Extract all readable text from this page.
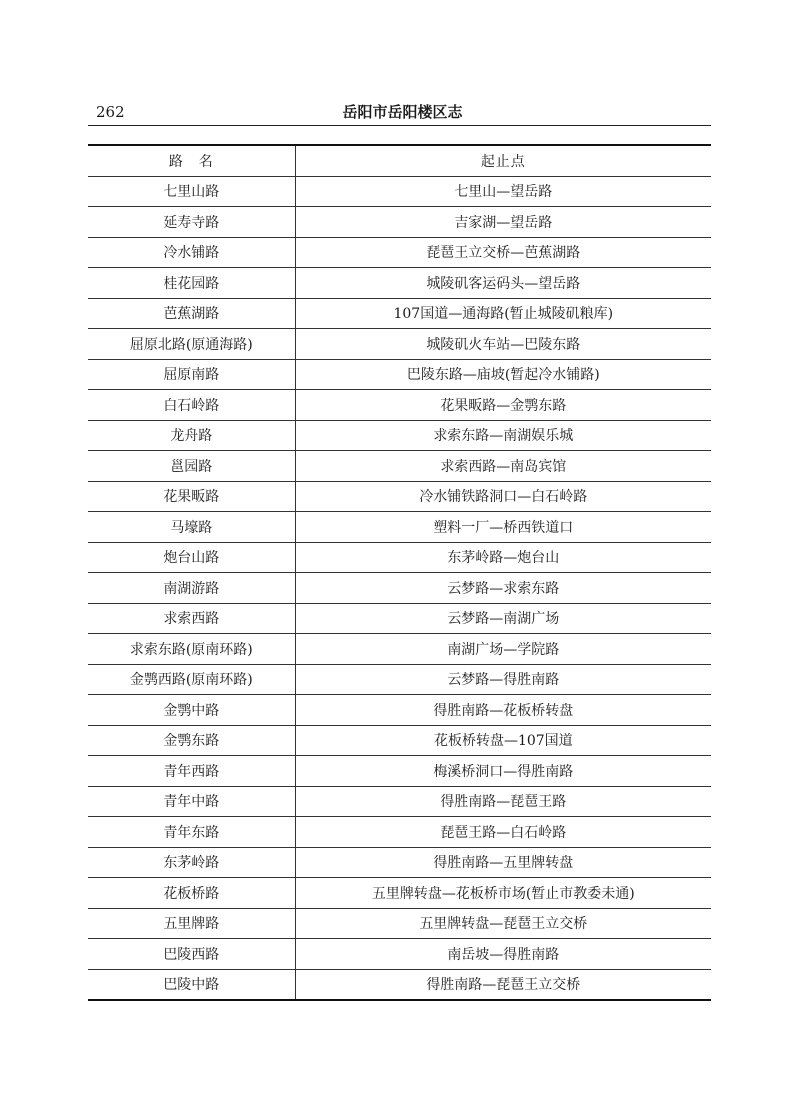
262	岳阳市岳阳楼区志
路　名	起止点
七里山路	七里山—望岳路
延寿寺路	吉家湖—望岳路
冷水铺路	琵琶王立交桥—芭蕉湖路
桂花园路	城陵矶客运码头—望岳路
芭蕉湖路	107国道—通海路(暂止城陵矶粮库)
屈原北路(原通海路)	城陵矶火车站—巴陵东路
屈原南路	巴陵东路—庙坡(暂起冷水铺路)
白石岭路	花果畈路—金鹗东路
龙舟路	求索东路—南湖娱乐城
邕园路	求索西路—南岛宾馆
花果畈路	冷水铺铁路洞口—白石岭路
马壕路	塑料一厂—桥西铁道口
炮台山路	东茅岭路—炮台山
南湖游路	云梦路—求索东路
求索西路	云梦路—南湖广场
求索东路(原南环路)	南湖广场—学院路
金鹗西路(原南环路)	云梦路—得胜南路
金鹗中路	得胜南路—花板桥转盘
金鹗东路	花板桥转盘—107国道
青年西路	梅溪桥洞口—得胜南路
青年中路	得胜南路—琵琶王路
青年东路	琵琶王路—白石岭路
东茅岭路	得胜南路—五里牌转盘
花板桥路	五里牌转盘—花板桥市场(暂止市教委未通)
五里牌路	五里牌转盘—琵琶王立交桥
巴陵西路	南岳坡—得胜南路
巴陵中路	得胜南路—琵琶王立交桥
